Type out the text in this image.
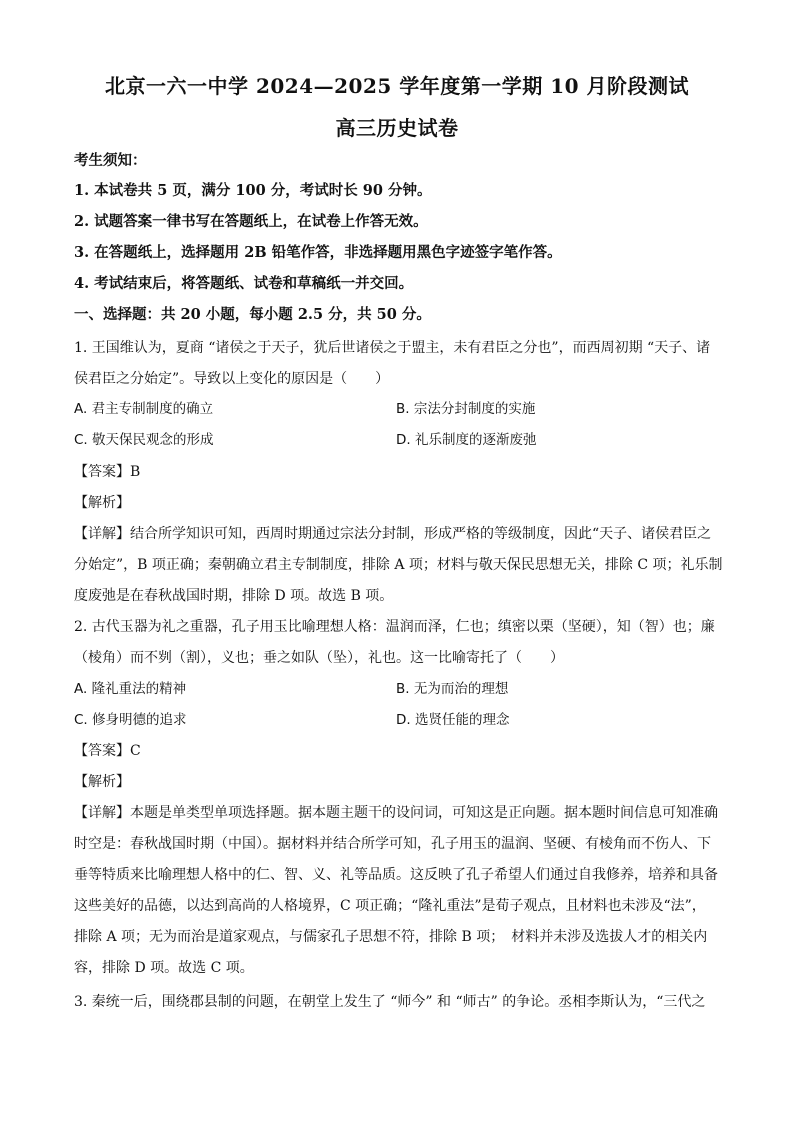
北京一六一中学 2024—2025 学年度第一学期 10 月阶段测试
高三历史试卷
考生须知：
1. 本试卷共 5 页，满分 100 分，考试时长 90 分钟。
2. 试题答案一律书写在答题纸上，在试卷上作答无效。
3. 在答题纸上，选择题用 2B 铅笔作答，非选择题用黑色字迹签字笔作答。
4. 考试结束后，将答题纸、试卷和草稿纸一并交回。
一、选择题：共 20 小题，每小题 2.5 分，共 50 分。
1. 王国维认为，夏商 “诸侯之于天子，犹后世诸侯之于盟主，未有君臣之分也”，而西周初期 “天子、诸
侯君臣之分始定”。导致以上变化的原因是（　　）
A. 君主专制制度的确立	B. 宗法分封制度的实施
C. 敬天保民观念的形成	D. 礼乐制度的逐渐废弛
【答案】B
【解析】
【详解】结合所学知识可知，西周时期通过宗法分封制，形成严格的等级制度，因此“天子、诸侯君臣之
分始定”，B 项正确；秦朝确立君主专制制度，排除 A 项；材料与敬天保民思想无关，排除 C 项；礼乐制
度废弛是在春秋战国时期，排除 D 项。故选 B 项。
2. 古代玉器为礼之重器，孔子用玉比喻理想人格：温润而泽，仁也；缜密以栗（坚硬），知（智）也；廉
（棱角）而不刿（割），义也；垂之如队（坠），礼也。这一比喻寄托了（　　）
A. 隆礼重法的精神	B. 无为而治的理想
C. 修身明德的追求	D. 选贤任能的理念
【答案】C
【解析】
【详解】本题是单类型单项选择题。据本题主题干的设问词，可知这是正向题。据本题时间信息可知准确
时空是：春秋战国时期（中国）。据材料并结合所学可知，孔子用玉的温润、坚硬、有棱角而不伤人、下
垂等特质来比喻理想人格中的仁、智、义、礼等品质。这反映了孔子希望人们通过自我修养，培养和具备
这些美好的品德，以达到高尚的人格境界，C 项正确；“隆礼重法”是荀子观点，且材料也未涉及“法”，
排除 A 项；无为而治是道家观点，与儒家孔子思想不符，排除 B 项；　材料并未涉及选拔人才的相关内
容，排除 D 项。故选 C 项。
3. 秦统一后，围绕郡县制的问题，在朝堂上发生了 “师今” 和 “师古” 的争论。丞相李斯认为，“三代之
